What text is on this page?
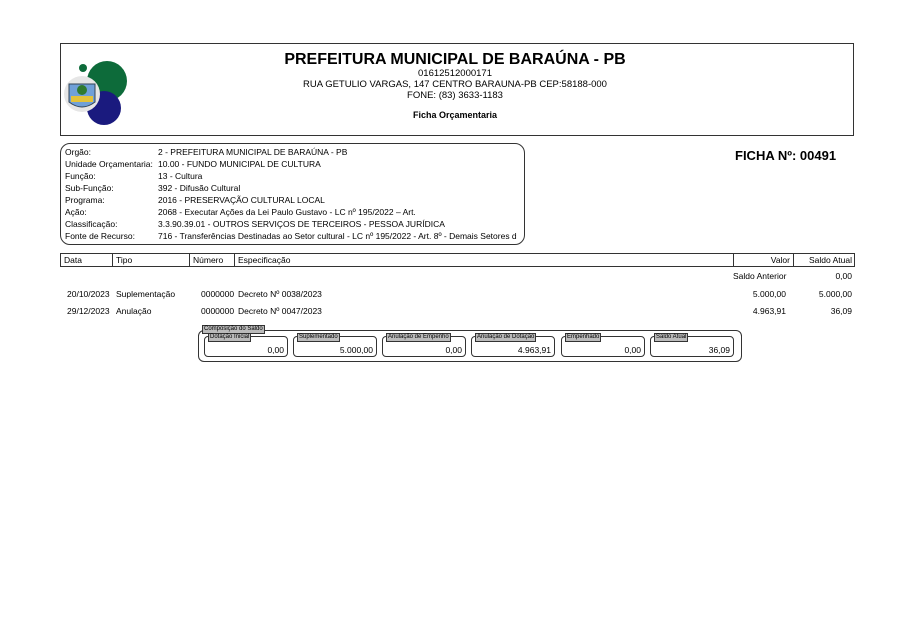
PREFEITURA MUNICIPAL DE BARAÚNA - PB
01612512000171
RUA GETULIO VARGAS, 147 CENTRO BARAUNA-PB CEP:58188-000
FONE: (83) 3633-1183
Ficha Orçamentaria
Orgão:	2 - PREFEITURA MUNICIPAL DE BARAÚNA - PB
Unidade Orçamentaria: 10.00 - FUNDO MUNICIPAL DE CULTURA
Função:	13 - Cultura
Sub-Função:	392 - Difusão Cultural
Programa:	2016 - PRESERVAÇÃO CULTURAL LOCAL
Ação:	2068 - Executar Ações da Lei Paulo Gustavo - LC nº 195/2022 – Art.
Classificação:	3.3.90.39.01 - OUTROS SERVIÇOS DE TERCEIROS - PESSOA JURÍDICA
Fonte de Recurso:	716 - Transferências Destinadas ao Setor cultural - LC nº 195/2022 - Art. 8º - Demais Setores d
FICHA Nº: 00491
Data	Tipo	Número	Especificação	Valor	Saldo Atual
Saldo Anterior	0,00
20/10/2023 Suplementação	0000000 Decreto Nº 0038/2023	5.000,00	5.000,00
29/12/2023 Anulação	0000000 Decreto Nº 0047/2023	4.963,91	36,09
Composição do Saldo
Dotação Inicial
0,00
Suplementado
5.000,00
Anulação de Empenho
0,00
Anulação de Dotação
4.963,91
Empenhado
0,00
Saldo Atual
36,09
